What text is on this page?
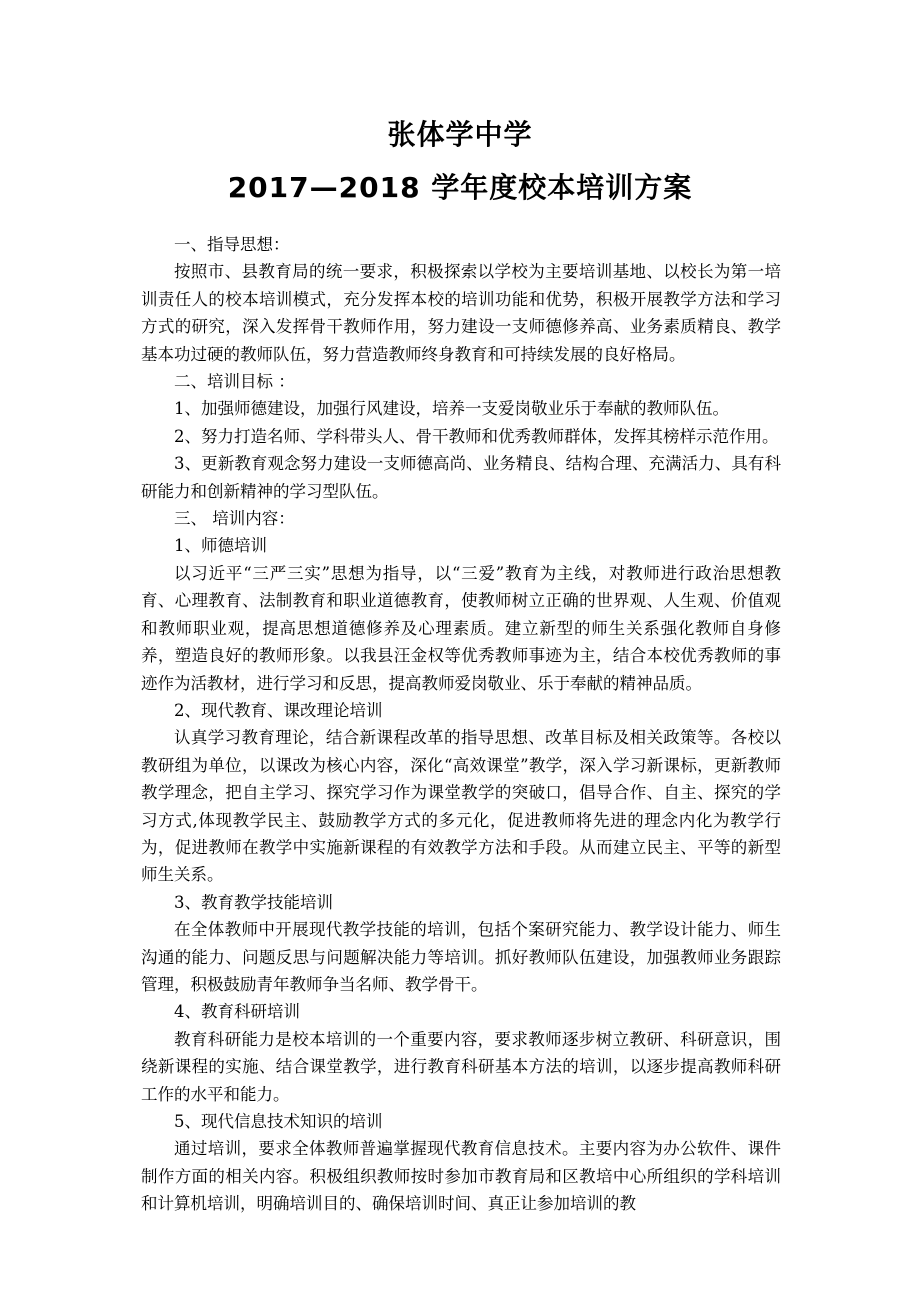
张体学中学
2017—2018 学年度校本培训方案

一、指导思想：

按照市、县教育局的统一要求，积极探索以学校为主要培训基地、以校长为第一培训责任人的校本培训模式，充分发挥本校的培训功能和优势，积极开展教学方法和学习方式的研究，深入发挥骨干教师作用，努力建设一支师德修养高、业务素质精良、教学基本功过硬的教师队伍，努力营造教师终身教育和可持续发展的良好格局。

二、培训目标 ：

1、加强师德建设，加强行风建设，培养一支爱岗敬业乐于奉献的教师队伍。

2、努力打造名师、学科带头人、骨干教师和优秀教师群体，发挥其榜样示范作用。

3、更新教育观念努力建设一支师德高尚、业务精良、结构合理、充满活力、具有科研能力和创新精神的学习型队伍。

三、 培训内容：

1、师德培训

以习近平“三严三实”思想为指导，以“三爱”教育为主线，对教师进行政治思想教育、心理教育、法制教育和职业道德教育，使教师树立正确的世界观、人生观、价值观和教师职业观，提高思想道德修养及心理素质。建立新型的师生关系强化教师自身修养，塑造良好的教师形象。以我县汪金权等优秀教师事迹为主，结合本校优秀教师的事迹作为活教材，进行学习和反思，提高教师爱岗敬业、乐于奉献的精神品质。

2、现代教育、课改理论培训

认真学习教育理论，结合新课程改革的指导思想、改革目标及相关政策等。各校以教研组为单位，以课改为核心内容，深化“高效课堂”教学，深入学习新课标，更新教师教学理念，把自主学习、探究学习作为课堂教学的突破口，倡导合作、自主、探究的学习方式,体现教学民主、鼓励教学方式的多元化，促进教师将先进的理念内化为教学行为，促进教师在教学中实施新课程的有效教学方法和手段。从而建立民主、平等的新型师生关系。

3、教育教学技能培训

在全体教师中开展现代教学技能的培训，包括个案研究能力、教学设计能力、师生沟通的能力、问题反思与问题解决能力等培训。抓好教师队伍建设，加强教师业务跟踪管理，积极鼓励青年教师争当名师、教学骨干。

4、教育科研培训

教育科研能力是校本培训的一个重要内容，要求教师逐步树立教研、科研意识，围绕新课程的实施、结合课堂教学，进行教育科研基本方法的培训，以逐步提高教师科研工作的水平和能力。

5、现代信息技术知识的培训

通过培训，要求全体教师普遍掌握现代教育信息技术。主要内容为办公软件、课件制作方面的相关内容。积极组织教师按时参加市教育局和区教培中心所组织的学科培训和计算机培训，明确培训目的、确保培训时间、真正让参加培训的教
